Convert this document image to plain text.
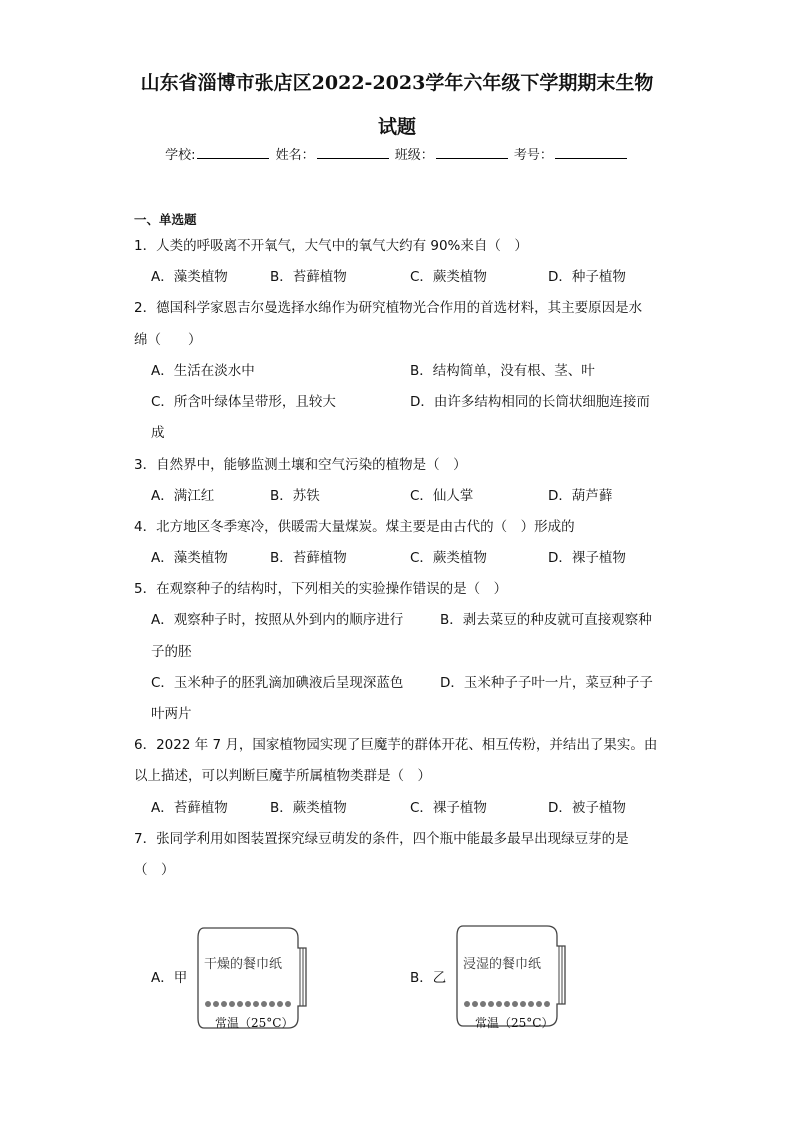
山东省淄博市张店区2022-2023学年六年级下学期期末生物
试题
学校:	姓名：	班级：	考号：
一、单选题
1．人类的呼吸离不开氧气，大气中的氧气大约有 90%来自（　）
A．藻类植物	B．苔藓植物	C．蕨类植物	D．种子植物
2．德国科学家恩吉尔曼选择水绵作为研究植物光合作用的首选材料，其主要原因是水
绵（　　）
A．生活在淡水中	B．结构简单，没有根、茎、叶
C．所含叶绿体呈带形，且较大	D．由许多结构相同的长筒状细胞连接而
成
3．自然界中，能够监测土壤和空气污染的植物是（　）
A．满江红	B．苏铁	C．仙人掌	D．葫芦藓
4．北方地区冬季寒冷，供暖需大量煤炭。煤主要是由古代的（　）形成的
A．藻类植物	B．苔藓植物	C．蕨类植物	D．裸子植物
5．在观察种子的结构时，下列相关的实验操作错误的是（　）
A．观察种子时，按照从外到内的顺序进行	B．剥去菜豆的种皮就可直接观察种
子的胚
C．玉米种子的胚乳滴加碘液后呈现深蓝色	D．玉米种子子叶一片，菜豆种子子
叶两片
6．2022 年 7 月，国家植物园实现了巨魔芋的群体开花、相互传粉，并结出了果实。由
以上描述，可以判断巨魔芋所属植物类群是（　）
A．苔藓植物	B．蕨类植物	C．裸子植物	D．被子植物
7．张同学利用如图装置探究绿豆萌发的条件，四个瓶中能最多最早出现绿豆芽的是
（　）
A．甲
干燥的餐巾纸
常温（25°C）
B．乙
浸湿的餐巾纸
常温（25°C）
